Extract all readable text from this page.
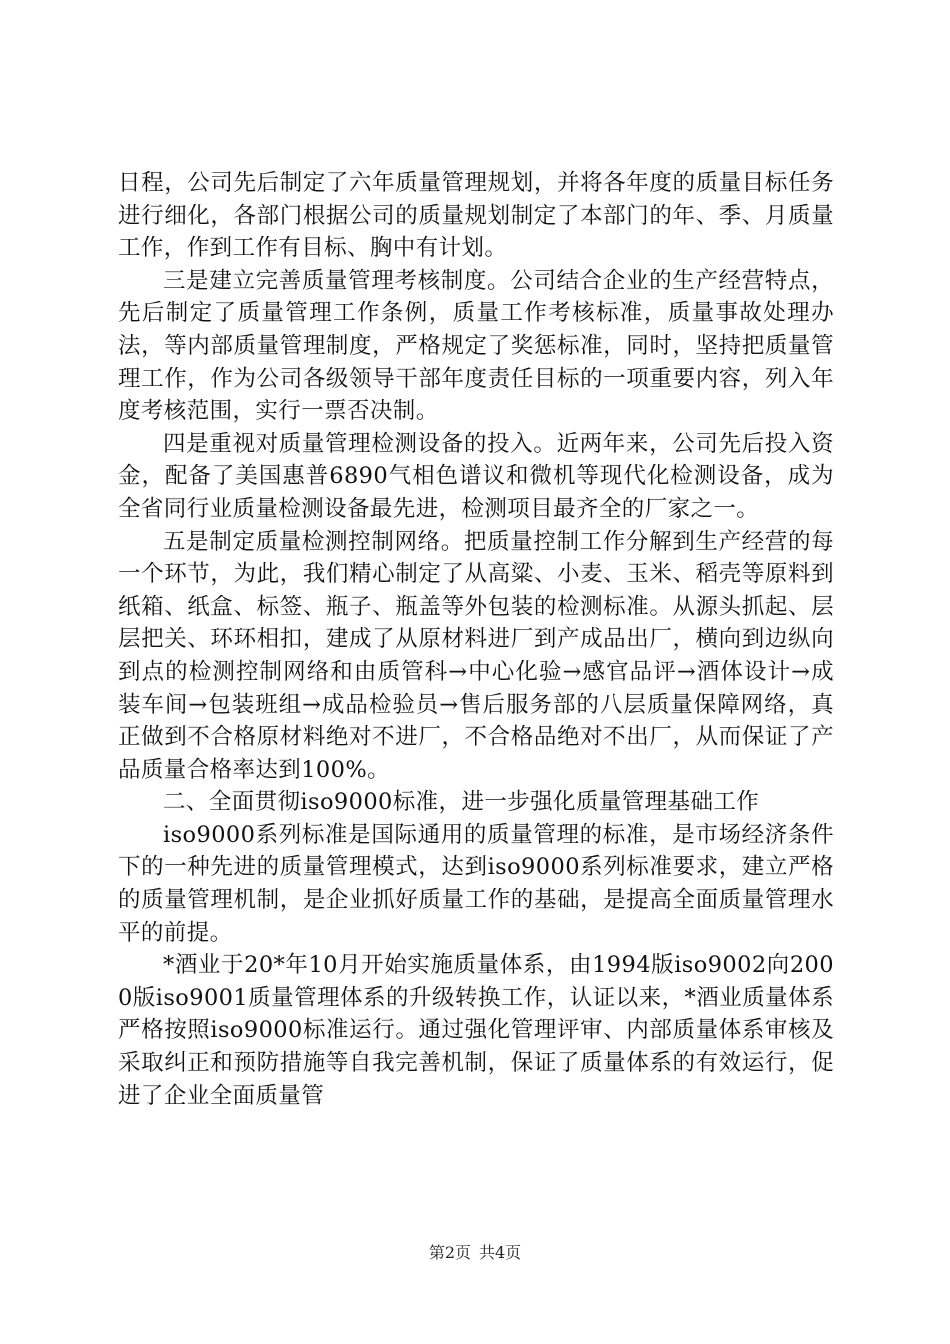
日程，公司先后制定了六年质量管理规划，并将各年度的质量目标任务进行细化，各部门根据公司的质量规划制定了本部门的年、季、月质量工作，作到工作有目标、胸中有计划。

三是建立完善质量管理考核制度。公司结合企业的生产经营特点，先后制定了质量管理工作条例，质量工作考核标准，质量事故处理办法，等内部质量管理制度，严格规定了奖惩标准，同时，坚持把质量管理工作，作为公司各级领导干部年度责任目标的一项重要内容，列入年度考核范围，实行一票否决制。

四是重视对质量管理检测设备的投入。近两年来，公司先后投入资金，配备了美国惠普6890气相色谱议和微机等现代化检测设备，成为全省同行业质量检测设备最先进，检测项目最齐全的厂家之一。

五是制定质量检测控制网络。把质量控制工作分解到生产经营的每一个环节，为此，我们精心制定了从高粱、小麦、玉米、稻壳等原料到纸箱、纸盒、标签、瓶子、瓶盖等外包装的检测标准。从源头抓起、层层把关、环环相扣，建成了从原材料进厂到产成品出厂，横向到边纵向到点的检测控制网络和由质管科→中心化验→感官品评→酒体设计→成装车间→包装班组→成品检验员→售后服务部的八层质量保障网络，真正做到不合格原材料绝对不进厂，不合格品绝对不出厂，从而保证了产品质量合格率达到100%。

二、全面贯彻iso9000标准，进一步强化质量管理基础工作

iso9000系列标准是国际通用的质量管理的标准，是市场经济条件下的一种先进的质量管理模式，达到iso9000系列标准要求，建立严格的质量管理机制，是企业抓好质量工作的基础，是提高全面质量管理水平的前提。

*酒业于20*年10月开始实施质量体系，由1994版iso9002向2000版iso9001质量管理体系的升级转换工作，认证以来，*酒业质量体系严格按照iso9000标准运行。通过强化管理评审、内部质量体系审核及采取纠正和预防措施等自我完善机制，保证了质量体系的有效运行，促进了企业全面质量管

第2页 共4页
